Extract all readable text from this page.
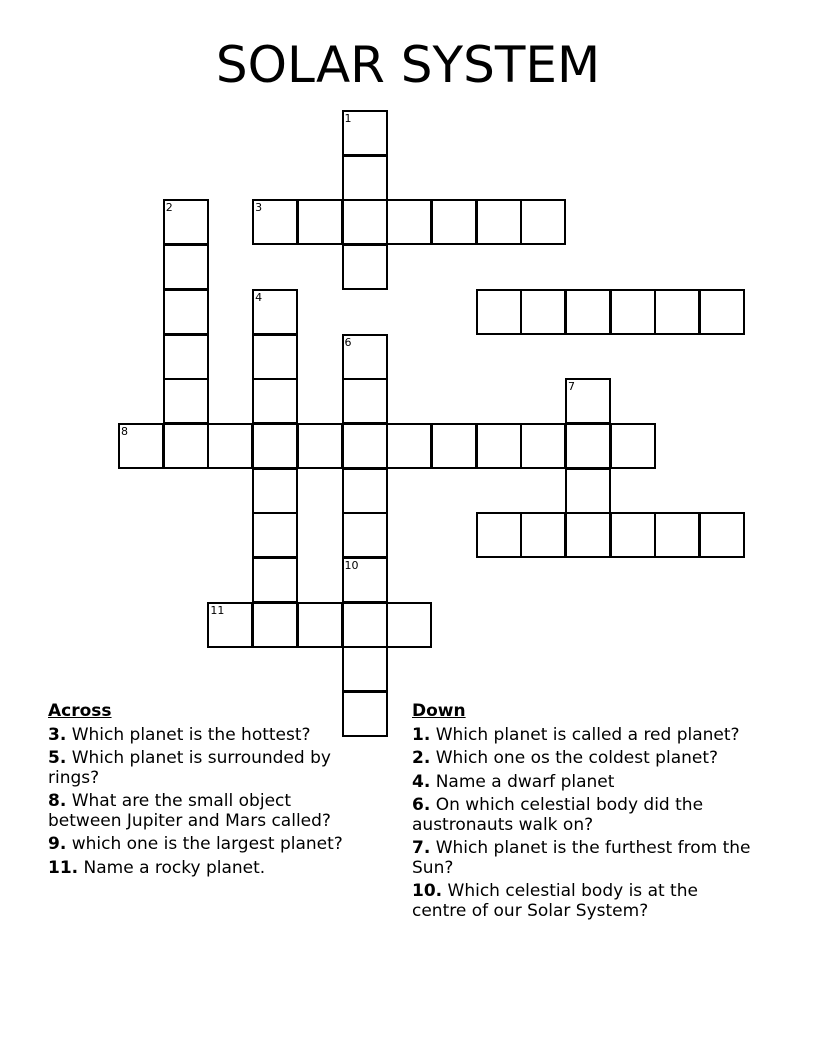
SOLAR SYSTEM
1
6
10
2	3
4
8
7
11
Across
3. Which planet is the hottest?
5. Which planet is surrounded by rings?
8. What are the small object between Jupiter and Mars called?
9. which one is the largest planet?
11. Name a rocky planet.
Down
1. Which planet is called a red planet?
2. Which one os the coldest planet?
4. Name a dwarf planet
6. On which celestial body did the austronauts walk on?
7. Which planet is the furthest from the Sun?
10. Which celestial body is at the centre of our Solar System?
